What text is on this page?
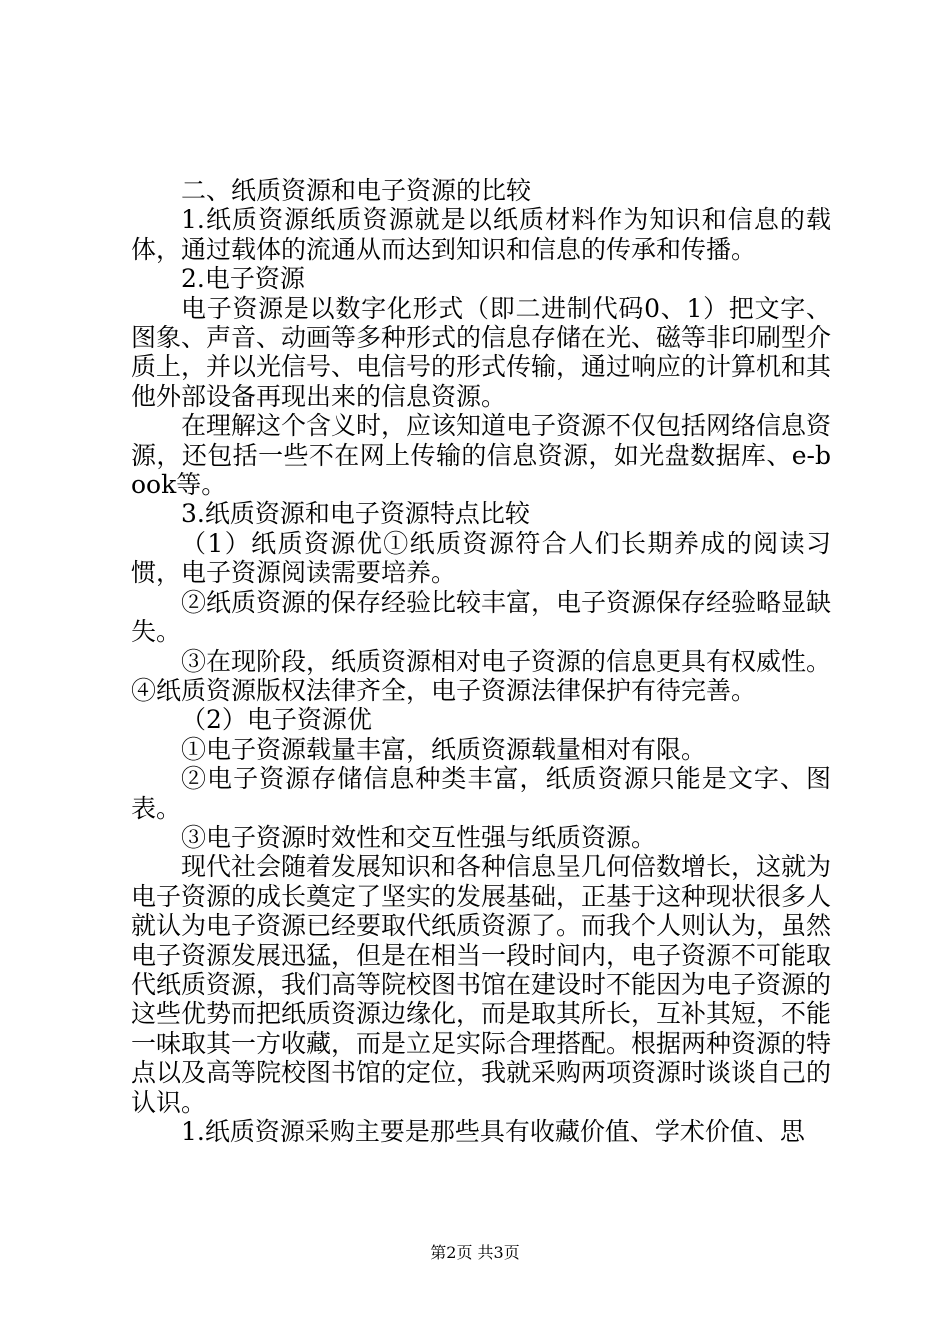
二、纸质资源和电子资源的比较

1.纸质资源纸质资源就是以纸质材料作为知识和信息的载体，通过载体的流通从而达到知识和信息的传承和传播。

2.电子资源

电子资源是以数字化形式（即二进制代码0、1）把文字、图象、声音、动画等多种形式的信息存储在光、磁等非印刷型介质上，并以光信号、电信号的形式传输，通过响应的计算机和其他外部设备再现出来的信息资源。

在理解这个含义时，应该知道电子资源不仅包括网络信息资源，还包括一些不在网上传输的信息资源，如光盘数据库、e-book等。

3.纸质资源和电子资源特点比较

（1）纸质资源优①纸质资源符合人们长期养成的阅读习惯，电子资源阅读需要培养。

②纸质资源的保存经验比较丰富，电子资源保存经验略显缺失。

③在现阶段，纸质资源相对电子资源的信息更具有权威性。

④纸质资源版权法律齐全，电子资源法律保护有待完善。

（2）电子资源优

①电子资源载量丰富，纸质资源载量相对有限。

②电子资源存储信息种类丰富，纸质资源只能是文字、图表。

③电子资源时效性和交互性强与纸质资源。

现代社会随着发展知识和各种信息呈几何倍数增长，这就为电子资源的成长奠定了坚实的发展基础，正基于这种现状很多人就认为电子资源已经要取代纸质资源了。而我个人则认为，虽然电子资源发展迅猛，但是在相当一段时间内，电子资源不可能取代纸质资源，我们高等院校图书馆在建设时不能因为电子资源的这些优势而把纸质资源边缘化，而是取其所长，互补其短，不能一味取其一方收藏，而是立足实际合理搭配。根据两种资源的特点以及高等院校图书馆的定位，我就采购两项资源时谈谈自己的认识。

1.纸质资源采购主要是那些具有收藏价值、学术价值、思

第2页 共3页
